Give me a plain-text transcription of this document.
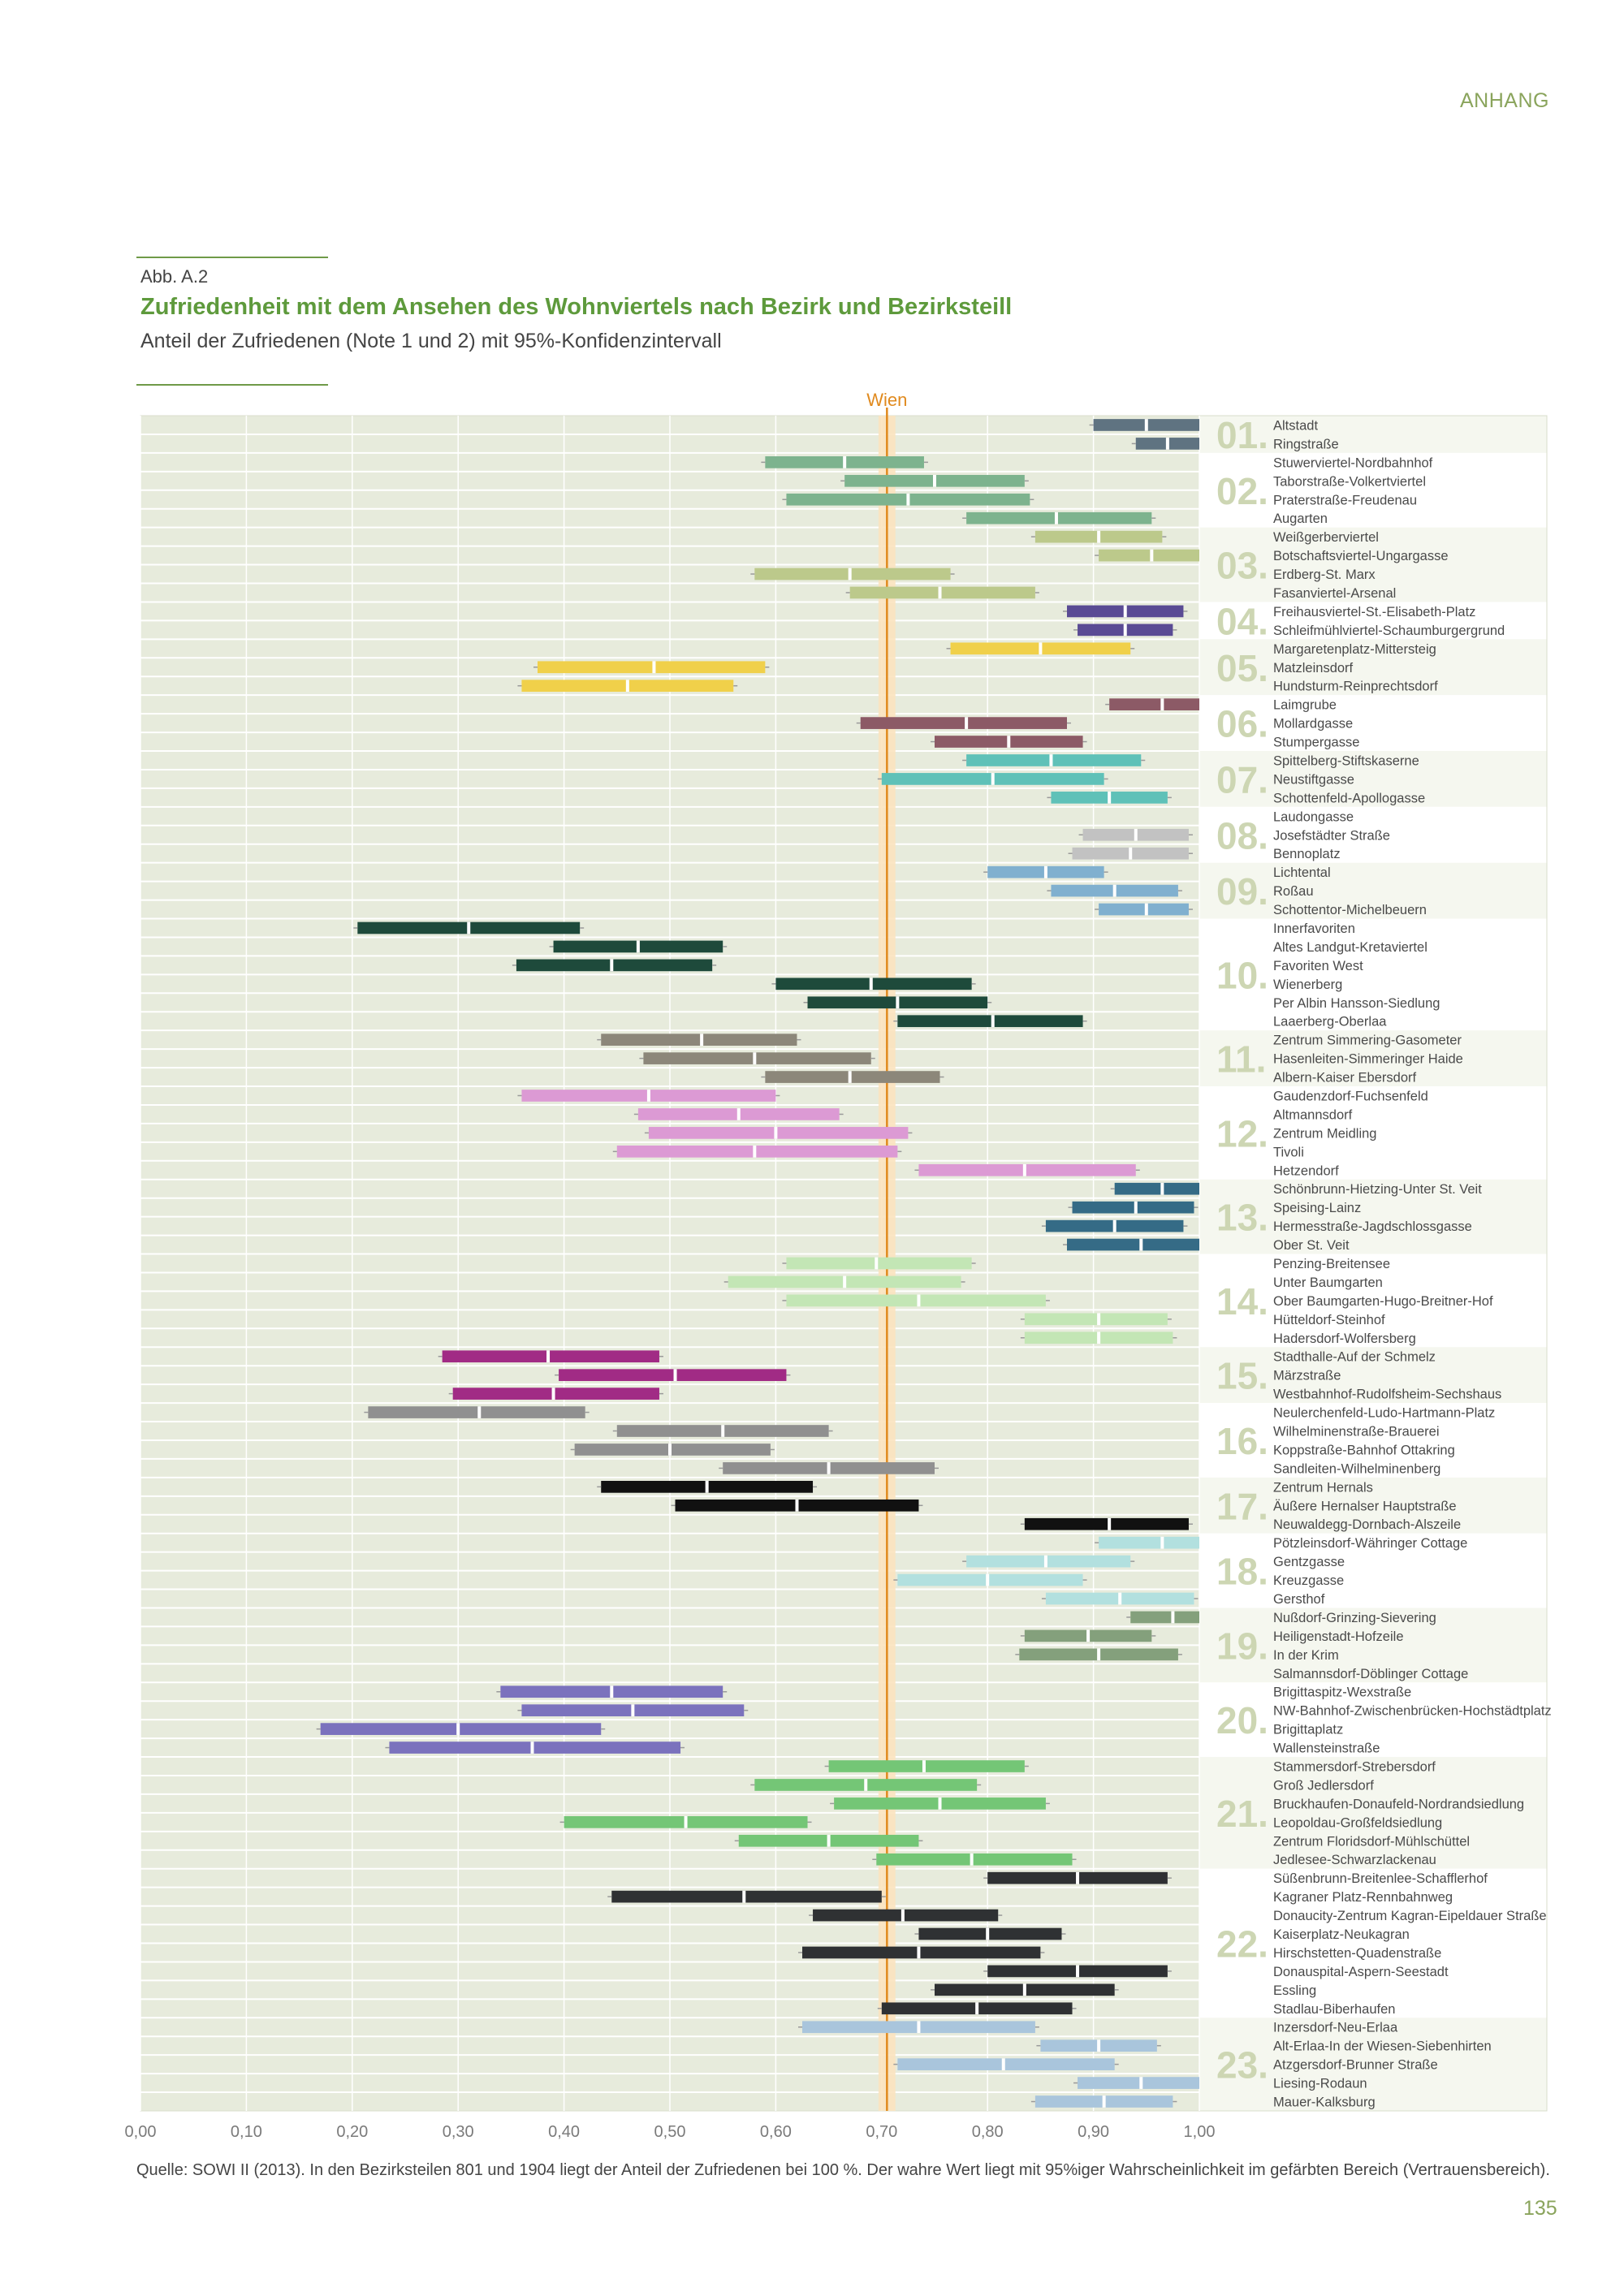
ANHANG
Abb. A.2
Zufriedenheit mit dem Ansehen des Wohnviertels nach Bezirk und Bezirksteill
Anteil der Zufriedenen (Note 1 und 2) mit 95%-Konfidenzintervall
Wien
Altstadt
Ringstraße
Stuwerviertel-Nordbahnhof
Taborstraße-Volkertviertel
Praterstraße-Freudenau
Augarten
Weißgerberviertel
Botschaftsviertel-Ungargasse
Erdberg-St. Marx
Fasanviertel-Arsenal
Freihausviertel-St.-Elisabeth-Platz
Schleifmühlviertel-Schaumburgergrund
Margaretenplatz-Mittersteig
Matzleinsdorf
Hundsturm-Reinprechtsdorf
Laimgrube
Mollardgasse
Stumpergasse
Spittelberg-Stiftskaserne
Neustiftgasse
Schottenfeld-Apollogasse
Laudongasse
Josefstädter Straße
Bennoplatz
Lichtental
Roßau
Schottentor-Michelbeuern
Innerfavoriten
Altes Landgut-Kretaviertel
Favoriten West
Wienerberg
Per Albin Hansson-Siedlung
Laaerberg-Oberlaa
Zentrum Simmering-Gasometer
Hasenleiten-Simmeringer Haide
Albern-Kaiser Ebersdorf
Gaudenzdorf-Fuchsenfeld
Altmannsdorf
Zentrum Meidling
Tivoli
Hetzendorf
Schönbrunn-Hietzing-Unter St. Veit
Speising-Lainz
Hermesstraße-Jagdschlossgasse
Ober St. Veit
Penzing-Breitensee
Unter Baumgarten
Ober Baumgarten-Hugo-Breitner-Hof
Hütteldorf-Steinhof
Hadersdorf-Wolfersberg
Stadthalle-Auf der Schmelz
Märzstraße
Westbahnhof-Rudolfsheim-Sechshaus
Neulerchenfeld-Ludo-Hartmann-Platz
Wilhelminenstraße-Brauerei
Koppstraße-Bahnhof Ottakring
Sandleiten-Wilhelminenberg
Zentrum Hernals
Äußere Hernalser Hauptstraße
Neuwaldegg-Dornbach-Alszeile
Pötzleinsdorf-Währinger Cottage
Gentzgasse
Kreuzgasse
Gersthof
Nußdorf-Grinzing-Sievering
Heiligenstadt-Hofzeile
In der Krim
Salmannsdorf-Döblinger Cottage
Brigittaspitz-Wexstraße
NW-Bahnhof-Zwischenbrücken-Hochstädtplatz
Brigittaplatz
Wallensteinstraße
Stammersdorf-Strebersdorf
Groß Jedlersdorf
Bruckhaufen-Donaufeld-Nordrandsiedlung
Leopoldau-Großfeldsiedlung
Zentrum Floridsdorf-Mühlschüttel
Jedlesee-Schwarzlackenau
Süßenbrunn-Breitenlee-Schafflerhof
Kagraner Platz-Rennbahnweg
Donaucity-Zentrum Kagran-Eipeldauer Straße
Kaiserplatz-Neukagran
Hirschstetten-Quadenstraße
Donauspital-Aspern-Seestadt
Essling
Stadlau-Biberhaufen
Inzersdorf-Neu-Erlaa
Alt-Erlaa-In der Wiesen-Siebenhirten
Atzgersdorf-Brunner Straße
Liesing-Rodaun
Mauer-Kalksburg
01.
02.
03.
04.
05.
06.
07.
08.
09.
10.
11.
12.
13.
14.
15.
16.
17.
18.
19.
20.
21.
22.
23.
0,00	0,10	0,20	0,30	0,40	0,50	0,60	0,70	0,80	0,90	1,00
Quelle: SOWI II (2013). In den Bezirksteilen 801 und 1904 liegt der Anteil der Zufriedenen bei 100 %. Der wahre Wert liegt mit 95%iger Wahrscheinlichkeit im gefärbten Bereich (Vertrauensbereich).
135
